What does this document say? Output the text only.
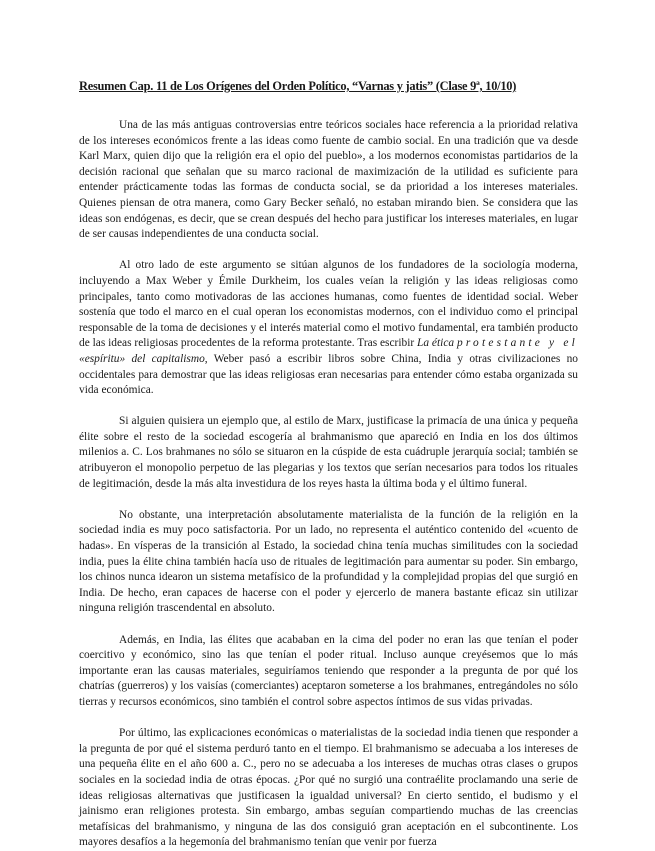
Resumen Cap. 11 de Los Orígenes del Orden Político, “Varnas y jatis” (Clase 9ª, 10/10)

Una de las más antiguas controversias entre teóricos sociales hace referencia a la prioridad relativa de los intereses económicos frente a las ideas como fuente de cambio social. En una tradición que va desde Karl Marx, quien dijo que la religión era el opio del pueblo», a los modernos economistas partidarios de la decisión racional que señalan que su marco racional de maximización de la utilidad es suficiente para entender prácticamente todas las formas de conducta social, se da prioridad a los intereses materiales. Quienes piensan de otra manera, como Gary Becker señaló, no estaban mirando bien. Se considera que las ideas son endógenas, es decir, que se crean después del hecho para justificar los intereses materiales, en lugar de ser causas independientes de una conducta social.

Al otro lado de este argumento se sitúan algunos de los fundadores de la sociología moderna, incluyendo a Max Weber y Émile Durkheim, los cuales veían la religión y las ideas religiosas como principales, tanto como motivadoras de las acciones humanas, como fuentes de identidad social. Weber sostenía que todo el marco en el cual operan los economistas modernos, con el individuo como el principal responsable de la toma de decisiones y el interés material como el motivo fundamental, era también producto de las ideas religiosas procedentes de la reforma protestante. Tras escribir La ética protestante y el «espíritu» del capitalismo, Weber pasó a escribir libros sobre China, India y otras civilizaciones no occidentales para demostrar que las ideas religiosas eran necesarias para entender cómo estaba organizada su vida económica.

Si alguien quisiera un ejemplo que, al estilo de Marx, justificase la primacía de una única y pequeña élite sobre el resto de la sociedad escogería al brahmanismo que apareció en India en los dos últimos milenios a. C. Los brahmanes no sólo se situaron en la cúspide de esta cuádruple jerarquía social; también se atribuyeron el monopolio perpetuo de las plegarias y los textos que serían necesarios para todos los rituales de legitimación, desde la más alta investidura de los reyes hasta la última boda y el último funeral.

No obstante, una interpretación absolutamente materialista de la función de la religión en la sociedad india es muy poco satisfactoria. Por un lado, no representa el auténtico contenido del «cuento de hadas». En vísperas de la transición al Estado, la sociedad china tenía muchas similitudes con la sociedad india, pues la élite china también hacía uso de rituales de legitimación para aumentar su poder. Sin embargo, los chinos nunca idearon un sistema metafísico de la profundidad y la complejidad propias del que surgió en India. De hecho, eran capaces de hacerse con el poder y ejercerlo de manera bastante eficaz sin utilizar ninguna religión trascendental en absoluto.

Además, en India, las élites que acababan en la cima del poder no eran las que tenían el poder coercitivo y económico, sino las que tenían el poder ritual. Incluso aunque creyésemos que lo más importante eran las causas materiales, seguiríamos teniendo que responder a la pregunta de por qué los chatrías (guerreros) y los vaisías (comerciantes) aceptaron someterse a los brahmanes, entregándoles no sólo tierras y recursos económicos, sino también el control sobre aspectos íntimos de sus vidas privadas.

Por último, las explicaciones económicas o materialistas de la sociedad india tienen que responder a la pregunta de por qué el sistema perduró tanto en el tiempo. El brahmanismo se adecuaba a los intereses de una pequeña élite en el año 600 a. C., pero no se adecuaba a los intereses de muchas otras clases o grupos sociales en la sociedad india de otras épocas. ¿Por qué no surgió una contraélite proclamando una serie de ideas religiosas alternativas que justificasen la igualdad universal? En cierto sentido, el budismo y el jainismo eran religiones protesta. Sin embargo, ambas seguían compartiendo muchas de las creencias metafísicas del brahmanismo, y ninguna de las dos consiguió gran aceptación en el subcontinente. Los mayores desafíos a la hegemonía del brahmanismo tenían que venir por fuerza
